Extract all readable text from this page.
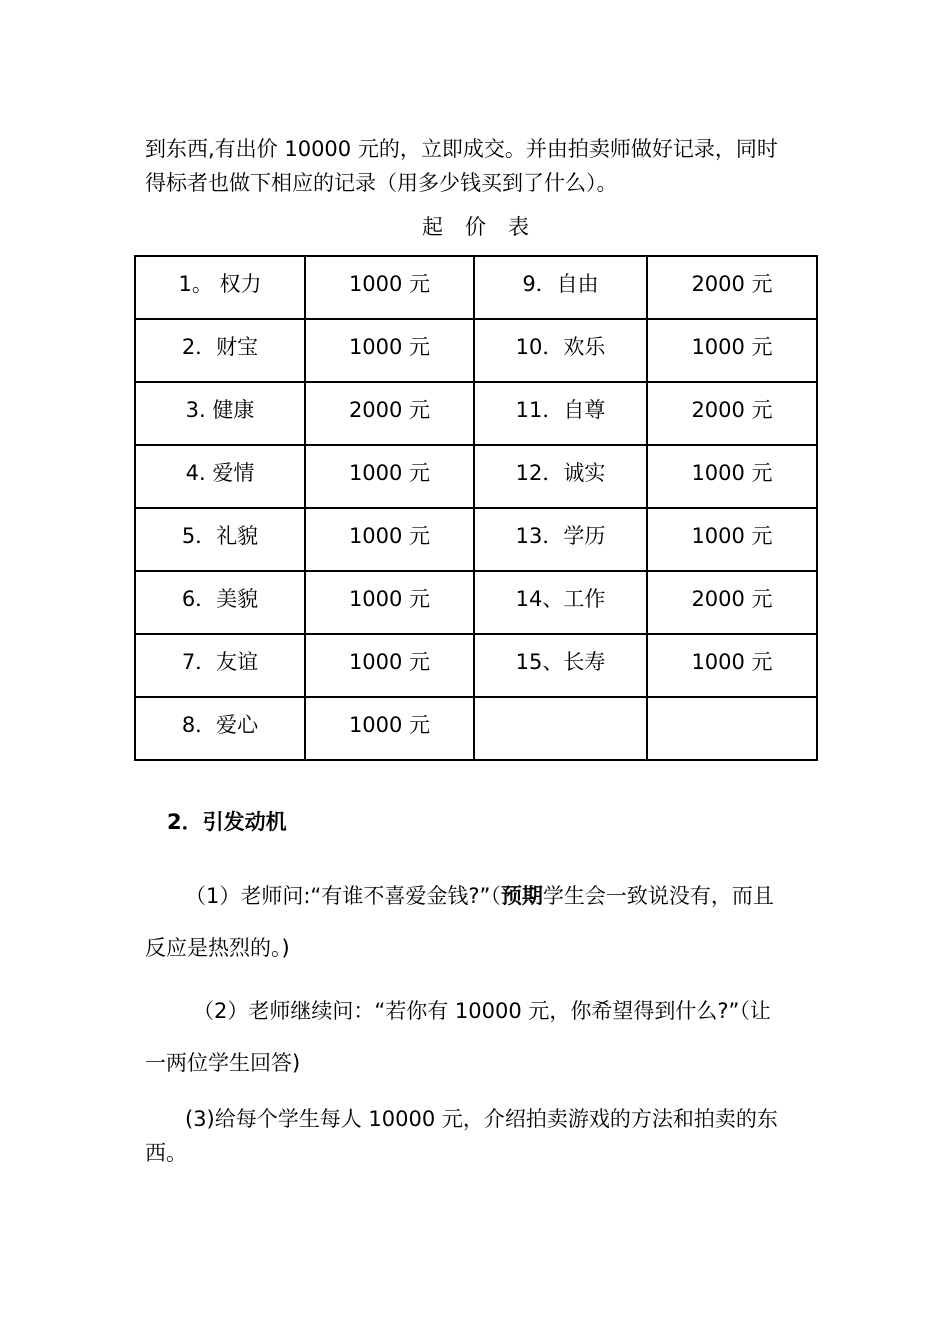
到东西,有出价 10000 元的，立即成交。并由拍卖师做好记录，同时

得标者也做下相应的记录（用多少钱买到了什么）。

起价表
1。 权力	1000 元	9．自由	2000 元
2．财宝	1000 元	10．欢乐	1000 元
3. 健康	2000 元	11．自尊	2000 元
4. 爱情	1000 元	12．诚实	1000 元
5．礼貌	1000 元	13．学历	1000 元
6．美貌	1000 元	14、工作	2000 元
7．友谊	1000 元	15、长寿	1000 元
8．爱心	1000 元		

2．引发动机

（1）老师问:“有谁不喜爱金钱?”（预期学生会一致说没有，而且
反应是热烈的。)
（2）老师继续问：“若你有 10000 元，你希望得到什么?”（让
一两位学生回答)
(3)给每个学生每人 10000 元，介绍拍卖游戏的方法和拍卖的东
西。
